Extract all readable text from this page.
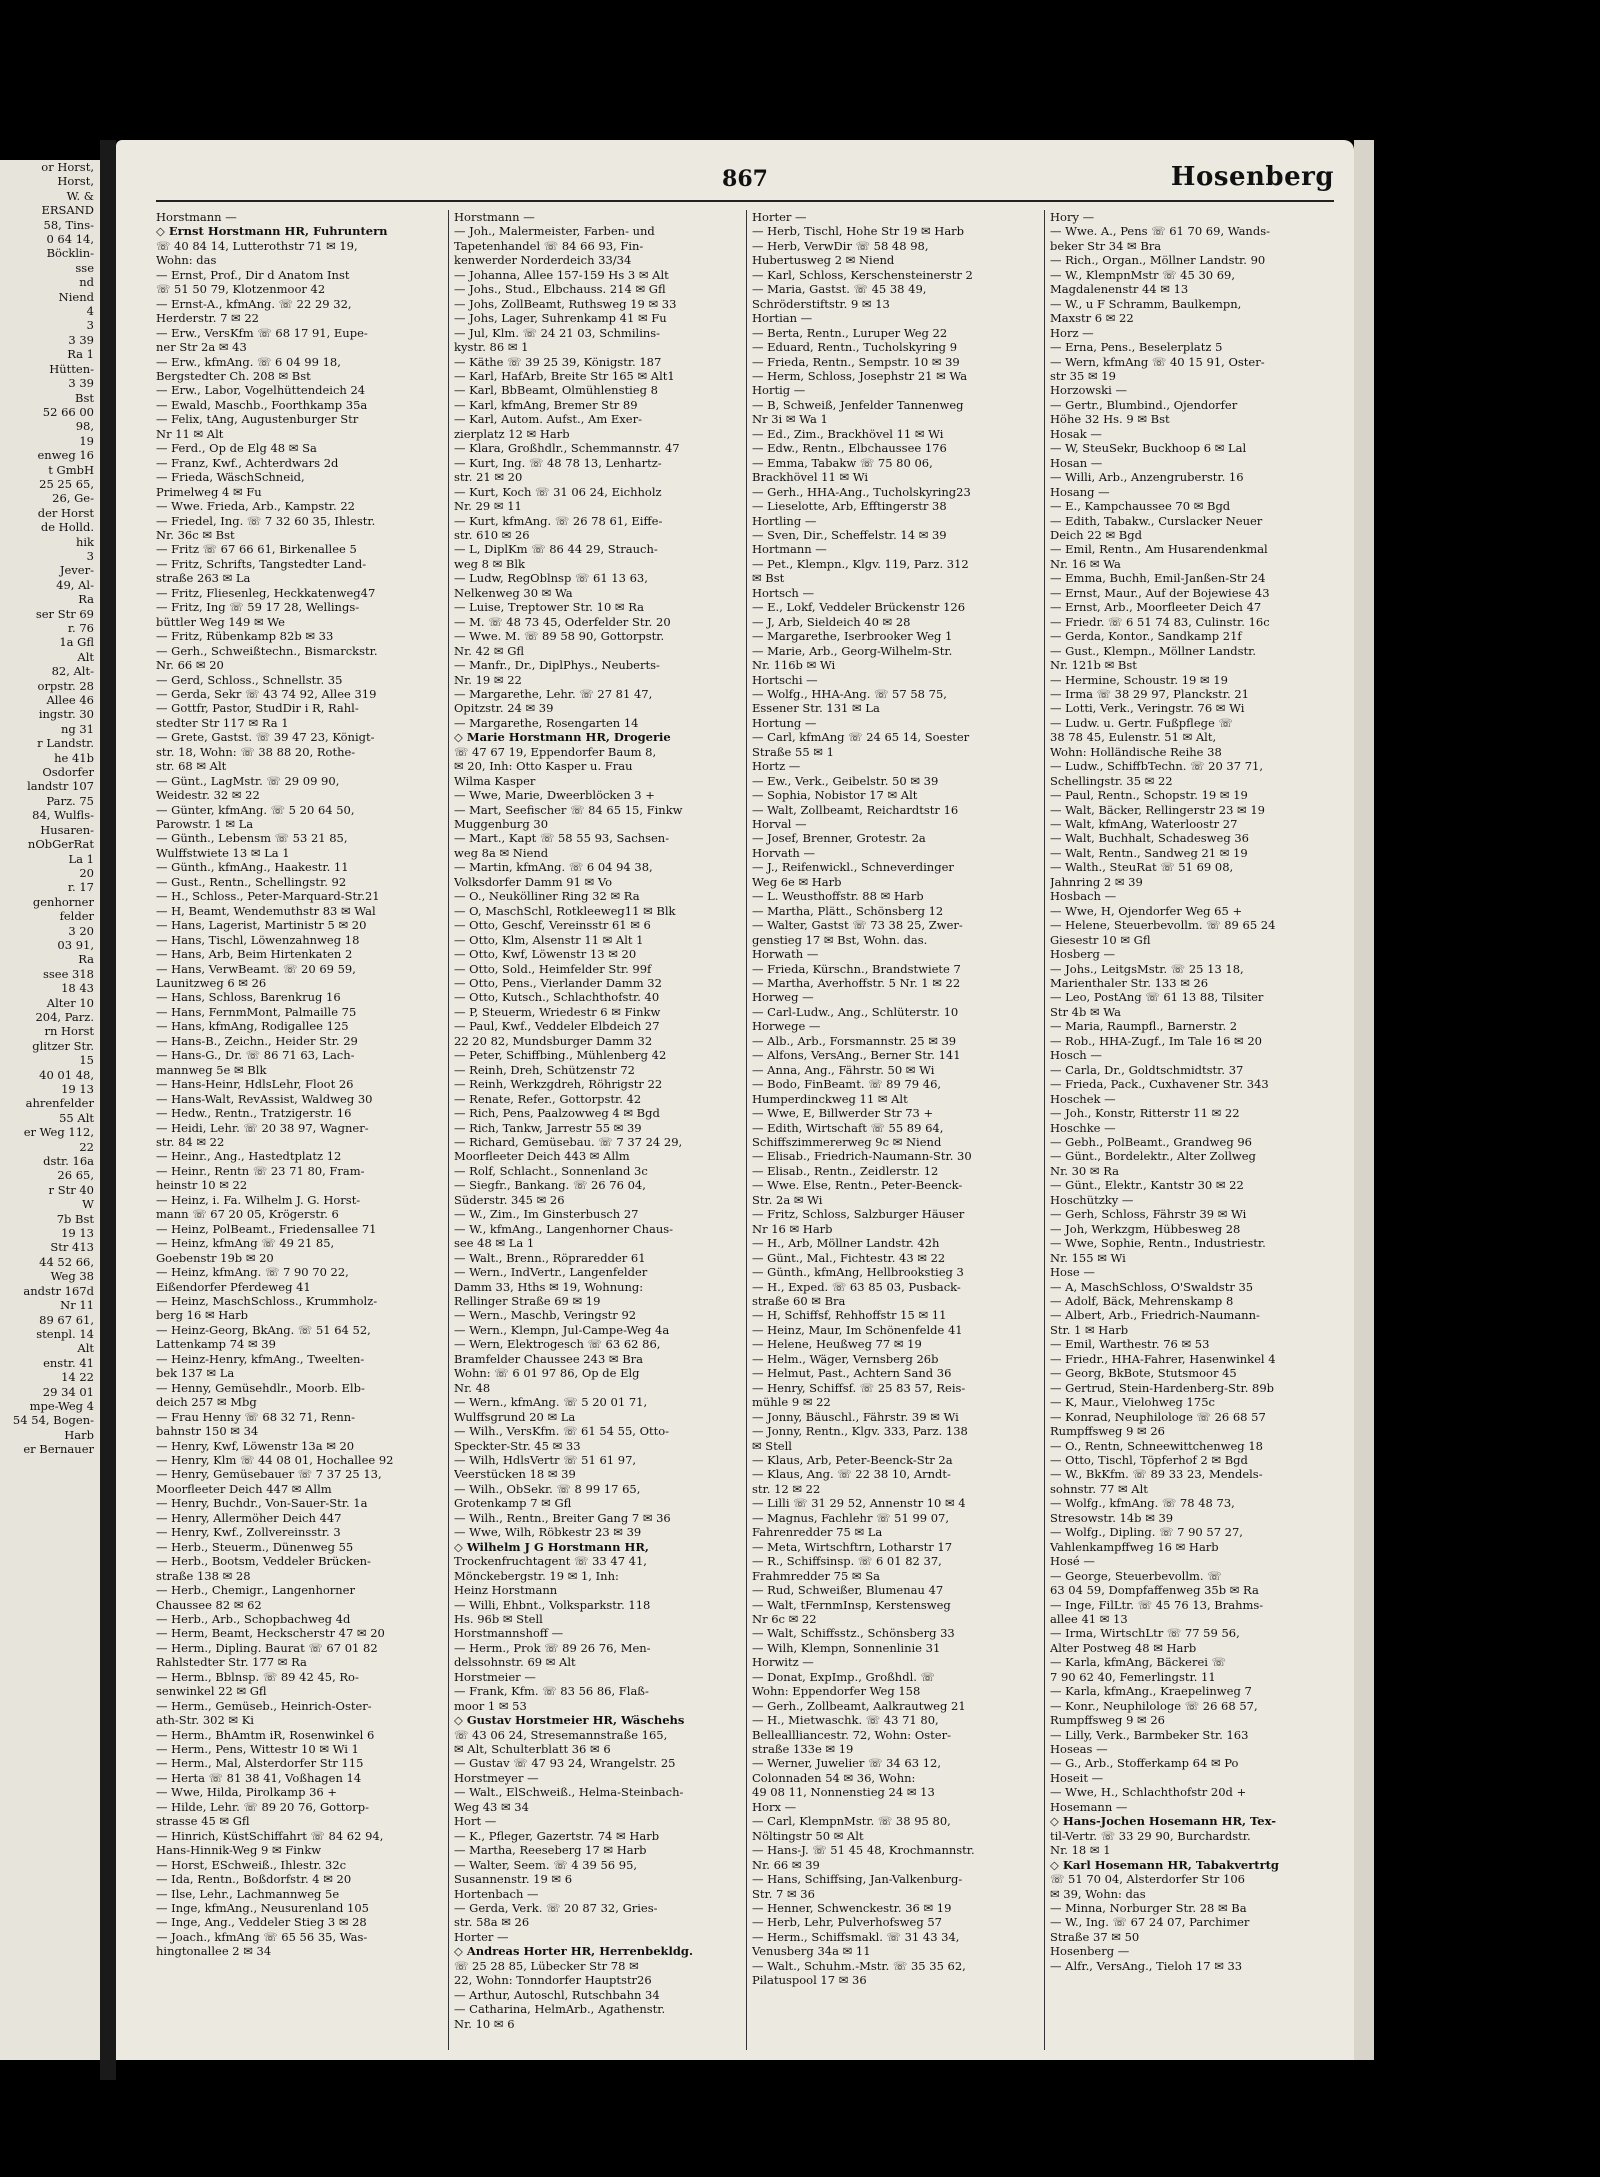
or Horst,
Horst,
W. &
ERSAND
58, Tins-
0 64 14,
Böcklin-
sse
nd
Niend
4
3
3 39
Ra 1
Hütten-
3 39
Bst
52 66 00
98,
19
enweg 16
t GmbH
25 25 65,
26, Ge-
der Horst
de Holld.
hik
3
Jever-
49, Al-
Ra
ser Str 69
r. 76
1a Gfl
Alt
82, Alt-
orpstr. 28
Allee 46
ingstr. 30
ng 31
r Landstr.
he 41b
Osdorfer
landstr 107
Parz. 75
84, Wulfls-
Husaren-
nObGerRat
La 1
20
r. 17
genhorner
felder
3 20
03 91,
Ra
ssee 318
18 43
Alter 10
204, Parz.
rn Horst
glitzer Str.
15
40 01 48,
19 13
ahrenfelder
55 Alt
er Weg 112,
22
dstr. 16a
26 65,
r Str 40
W
7b Bst
19 13
Str 413
44 52 66,
Weg 38
andstr 167d
Nr 11
89 67 61,
stenpl. 14
Alt
enstr. 41
14 22
29 34 01
mpe-Weg 4
54 54, Bogen-
Harb
er Bernauer
867	Hosenberg
Horstmann —
◇ Ernst Horstmann HR, Fuhruntern
☏ 40 84 14, Lutterothstr 71 ✉ 19,
Wohn: das
— Ernst, Prof., Dir d Anatom Inst
☏ 51 50 79, Klotzenmoor 42
— Ernst-A., kfmAng. ☏ 22 29 32,
Herderstr. 7 ✉ 22
— Erw., VersKfm ☏ 68 17 91, Eupe-
ner Str 2a ✉ 43
— Erw., kfmAng. ☏ 6 04 99 18,
Bergstedter Ch. 208 ✉ Bst
— Erw., Labor, Vogelhüttendeich 24
— Ewald, Maschb., Foorthkamp 35a
— Felix, tAng, Augustenburger Str
Nr 11 ✉ Alt
— Ferd., Op de Elg 48 ✉ Sa
— Franz, Kwf., Achterdwars 2d
— Frieda, WäschSchneid,
Primelweg 4 ✉ Fu
— Wwe. Frieda, Arb., Kampstr. 22
— Friedel, Ing. ☏ 7 32 60 35, Ihlestr.
Nr. 36c ✉ Bst
— Fritz ☏ 67 66 61, Birkenallee 5
— Fritz, Schrifts, Tangstedter Land-
straße 263 ✉ La
— Fritz, Fliesenleg, Heckkatenweg47
— Fritz, Ing ☏ 59 17 28, Wellings-
büttler Weg 149 ✉ We
— Fritz, Rübenkamp 82b ✉ 33
— Gerh., Schweißtechn., Bismarckstr.
Nr. 66 ✉ 20
— Gerd, Schloss., Schnellstr. 35
— Gerda, Sekr ☏ 43 74 92, Allee 319
— Gottfr, Pastor, StudDir i R, Rahl-
stedter Str 117 ✉ Ra 1
— Grete, Gastst. ☏ 39 47 23, Königt-
str. 18, Wohn: ☏ 38 88 20, Rothe-
str. 68 ✉ Alt
— Günt., LagMstr. ☏ 29 09 90,
Weidestr. 32 ✉ 22
— Günter, kfmAng. ☏ 5 20 64 50,
Parowstr. 1 ✉ La
— Günth., Lebensm ☏ 53 21 85,
Wulffstwiete 13 ✉ La 1
— Günth., kfmAng., Haakestr. 11
— Gust., Rentn., Schellingstr. 92
— H., Schloss., Peter-Marquard-Str.21
— H, Beamt, Wendemuthstr 83 ✉ Wal
— Hans, Lagerist, Martinistr 5 ✉ 20
— Hans, Tischl, Löwenzahnweg 18
— Hans, Arb, Beim Hirtenkaten 2
— Hans, VerwBeamt. ☏ 20 69 59,
Launitzweg 6 ✉ 26
— Hans, Schloss, Barenkrug 16
— Hans, FernmMont, Palmaille 75
— Hans, kfmAng, Rodigallee 125
— Hans-B., Zeichn., Heider Str. 29
— Hans-G., Dr. ☏ 86 71 63, Lach-
mannweg 5e ✉ Blk
— Hans-Heinr, HdlsLehr, Floot 26
— Hans-Walt, RevAssist, Waldweg 30
— Hedw., Rentn., Tratzigerstr. 16
— Heidi, Lehr. ☏ 20 38 97, Wagner-
str. 84 ✉ 22
— Heinr., Ang., Hastedtplatz 12
— Heinr., Rentn ☏ 23 71 80, Fram-
heinstr 10 ✉ 22
— Heinz, i. Fa. Wilhelm J. G. Horst-
mann ☏ 67 20 05, Krögerstr. 6
— Heinz, PolBeamt., Friedensallee 71
— Heinz, kfmAng ☏ 49 21 85,
Goebenstr 19b ✉ 20
— Heinz, kfmAng. ☏ 7 90 70 22,
Eißendorfer Pferdeweg 41
— Heinz, MaschSchloss., Krummholz-
berg 16 ✉ Harb
— Heinz-Georg, BkAng. ☏ 51 64 52,
Lattenkamp 74 ✉ 39
— Heinz-Henry, kfmAng., Tweelten-
bek 137 ✉ La
— Henny, Gemüsehdlr., Moorb. Elb-
deich 257 ✉ Mbg
— Frau Henny ☏ 68 32 71, Renn-
bahnstr 150 ✉ 34
— Henry, Kwf, Löwenstr 13a ✉ 20
— Henry, Klm ☏ 44 08 01, Hochallee 92
— Henry, Gemüsebauer ☏ 7 37 25 13,
Moorfleeter Deich 447 ✉ Allm
— Henry, Buchdr., Von-Sauer-Str. 1a
— Henry, Allermöher Deich 447
— Henry, Kwf., Zollvereinsstr. 3
— Herb., Steuerm., Dünenweg 55
— Herb., Bootsm, Veddeler Brücken-
straße 138 ✉ 28
— Herb., Chemigr., Langenhorner
Chaussee 82 ✉ 62
— Herb., Arb., Schopbachweg 4d
— Herm, Beamt, Heckscherstr 47 ✉ 20
— Herm., Dipling. Baurat ☏ 67 01 82
Rahlstedter Str. 177 ✉ Ra
— Herm., Bblnsp. ☏ 89 42 45, Ro-
senwinkel 22 ✉ Gfl
— Herm., Gemüseb., Heinrich-Oster-
ath-Str. 302 ✉ Ki
— Herm., BhAmtm iR, Rosenwinkel 6
— Herm., Pens, Wittestr 10 ✉ Wi 1
— Herm., Mal, Alsterdorfer Str 115
— Herta ☏ 81 38 41, Voßhagen 14
— Wwe, Hilda, Pirolkamp 36 +
— Hilde, Lehr. ☏ 89 20 76, Gottorp-
strasse 45 ✉ Gfl
— Hinrich, KüstSchiffahrt ☏ 84 62 94,
Hans-Hinnik-Weg 9 ✉ Finkw
— Horst, ESchweiß., Ihlestr. 32c
— Ida, Rentn., Boßdorfstr. 4 ✉ 20
— Ilse, Lehr., Lachmannweg 5e
— Inge, kfmAng., Neusurenland 105
— Inge, Ang., Veddeler Stieg 3 ✉ 28
— Joach., kfmAng ☏ 65 56 35, Was-
hingtonallee 2 ✉ 34
Horstmann —
— Joh., Malermeister, Farben- und
Tapetenhandel ☏ 84 66 93, Fin-
kenwerder Norderdeich 33/34
— Johanna, Allee 157-159 Hs 3 ✉ Alt
— Johs., Stud., Elbchauss. 214 ✉ Gfl
— Johs, ZollBeamt, Ruthsweg 19 ✉ 33
— Johs, Lager, Suhrenkamp 41 ✉ Fu
— Jul, Klm. ☏ 24 21 03, Schmilins-
kystr. 86 ✉ 1
— Käthe ☏ 39 25 39, Königstr. 187
— Karl, HafArb, Breite Str 165 ✉ Alt1
— Karl, BbBeamt, Olmühlenstieg 8
— Karl, kfmAng, Bremer Str 89
— Karl, Autom. Aufst., Am Exer-
zierplatz 12 ✉ Harb
— Klara, Großhdlr., Schemmannstr. 47
— Kurt, Ing. ☏ 48 78 13, Lenhartz-
str. 21 ✉ 20
— Kurt, Koch ☏ 31 06 24, Eichholz
Nr. 29 ✉ 11
— Kurt, kfmAng. ☏ 26 78 61, Eiffe-
str. 610 ✉ 26
— L, DiplKm ☏ 86 44 29, Strauch-
weg 8 ✉ Blk
— Ludw, RegOblnsp ☏ 61 13 63,
Nelkenweg 30 ✉ Wa
— Luise, Treptower Str. 10 ✉ Ra
— M. ☏ 48 73 45, Oderfelder Str. 20
— Wwe. M. ☏ 89 58 90, Gottorpstr.
Nr. 42 ✉ Gfl
— Manfr., Dr., DiplPhys., Neuberts-
Nr. 19 ✉ 22
— Margarethe, Lehr. ☏ 27 81 47,
Opitzstr. 24 ✉ 39
— Margarethe, Rosengarten 14
◇ Marie Horstmann HR, Drogerie
☏ 47 67 19, Eppendorfer Baum 8,
✉ 20, Inh: Otto Kasper u. Frau
Wilma Kasper
— Wwe, Marie, Dweerblöcken 3 +
— Mart, Seefischer ☏ 84 65 15, Finkw
Muggenburg 30
— Mart., Kapt ☏ 58 55 93, Sachsen-
weg 8a ✉ Niend
— Martin, kfmAng. ☏ 6 04 94 38,
Volksdorfer Damm 91 ✉ Vo
— O., Neukölliner Ring 32 ✉ Ra
— O, MaschSchl, Rotkleeweg11 ✉ Blk
— Otto, Geschf, Vereinsstr 61 ✉ 6
— Otto, Klm, Alsenstr 11 ✉ Alt 1
— Otto, Kwf, Löwenstr 13 ✉ 20
— Otto, Sold., Heimfelder Str. 99f
— Otto, Pens., Vierlander Damm 32
— Otto, Kutsch., Schlachthofstr. 40
— P, Steuerm, Wriedestr 6 ✉ Finkw
— Paul, Kwf., Veddeler Elbdeich 27
22 20 82, Mundsburger Damm 32
— Peter, Schiffbing., Mühlenberg 42
— Reinh, Dreh, Schützenstr 72
— Reinh, Werkzgdreh, Röhrigstr 22
— Renate, Refer., Gottorpstr. 42
— Rich, Pens, Paalzowweg 4 ✉ Bgd
— Rich, Tankw, Jarrestr 55 ✉ 39
— Richard, Gemüsebau. ☏ 7 37 24 29,
Moorfleeter Deich 443 ✉ Allm
— Rolf, Schlacht., Sonnenland 3c
— Siegfr., Bankang. ☏ 26 76 04,
Süderstr. 345 ✉ 26
— W., Zim., Im Ginsterbusch 27
— W., kfmAng., Langenhorner Chaus-
see 48 ✉ La 1
— Walt., Brenn., Röpraredder 61
— Wern., IndVertr., Langenfelder
Damm 33, Hths ✉ 19, Wohnung:
Rellinger Straße 69 ✉ 19
— Wern., Maschb, Veringstr 92
— Wern., Klempn, Jul-Campe-Weg 4a
— Wern, Elektrogesch ☏ 63 62 86,
Bramfelder Chaussee 243 ✉ Bra
Wohn: ☏ 6 01 97 86, Op de Elg
Nr. 48
— Wern., kfmAng. ☏ 5 20 01 71,
Wulffsgrund 20 ✉ La
— Wilh., VersKfm. ☏ 61 54 55, Otto-
Speckter-Str. 45 ✉ 33
— Wilh, HdlsVertr ☏ 51 61 97,
Veerstücken 18 ✉ 39
— Wilh., ObSekr. ☏ 8 99 17 65,
Grotenkamp 7 ✉ Gfl
— Wilh., Rentn., Breiter Gang 7 ✉ 36
— Wwe, Wilh, Röbkestr 23 ✉ 39
◇ Wilhelm J G Horstmann HR,
Trockenfruchtagent ☏ 33 47 41,
Mönckebergstr. 19 ✉ 1, Inh:
Heinz Horstmann
— Willi, Ehbnt., Volksparkstr. 118
Hs. 96b ✉ Stell
Horstmannshoff —
— Herm., Prok ☏ 89 26 76, Men-
delssohnstr. 69 ✉ Alt
Horstmeier —
— Frank, Kfm. ☏ 83 56 86, Flaß-
moor 1 ✉ 53
◇ Gustav Horstmeier HR, Wäschehs
☏ 43 06 24, Stresemannstraße 165,
✉ Alt, Schulterblatt 36 ✉ 6
— Gustav ☏ 47 93 24, Wrangelstr. 25
Horstmeyer —
— Walt., ElSchweiß., Helma-Steinbach-
Weg 43 ✉ 34
Hort —
— K., Pfleger, Gazertstr. 74 ✉ Harb
— Martha, Reeseberg 17 ✉ Harb
— Walter, Seem. ☏ 4 39 56 95,
Susannenstr. 19 ✉ 6
Hortenbach —
— Gerda, Verk. ☏ 20 87 32, Gries-
str. 58a ✉ 26
Horter —
◇ Andreas Horter HR, Herrenbekldg.
☏ 25 28 85, Lübecker Str 78 ✉
22, Wohn: Tonndorfer Hauptstr26
— Arthur, Autoschl, Rutschbahn 34
— Catharina, HelmArb., Agathenstr.
Nr. 10 ✉ 6
Horter —
— Herb, Tischl, Hohe Str 19 ✉ Harb
— Herb, VerwDir ☏ 58 48 98,
Hubertusweg 2 ✉ Niend
— Karl, Schloss, Kerschensteinerstr 2
— Maria, Gastst. ☏ 45 38 49,
Schröderstiftstr. 9 ✉ 13
Hortian —
— Berta, Rentn., Luruper Weg 22
— Eduard, Rentn., Tucholskyring 9
— Frieda, Rentn., Sempstr. 10 ✉ 39
— Herm, Schloss, Josephstr 21 ✉ Wa
Hortig —
— B, Schweiß, Jenfelder Tannenweg
Nr 3i ✉ Wa 1
— Ed., Zim., Brackhövel 11 ✉ Wi
— Edw., Rentn., Elbchaussee 176
— Emma, Tabakw ☏ 75 80 06,
Brackhövel 11 ✉ Wi
— Gerh., HHA-Ang., Tucholskyring23
— Lieselotte, Arb, Efftingerstr 38
Hortling —
— Sven, Dir., Scheffelstr. 14 ✉ 39
Hortmann —
— Pet., Klempn., Klgv. 119, Parz. 312
✉ Bst
Hortsch —
— E., Lokf, Veddeler Brückenstr 126
— J, Arb, Sieldeich 40 ✉ 28
— Margarethe, Iserbrooker Weg 1
— Marie, Arb., Georg-Wilhelm-Str.
Nr. 116b ✉ Wi
Hortschi —
— Wolfg., HHA-Ang. ☏ 57 58 75,
Essener Str. 131 ✉ La
Hortung —
— Carl, kfmAng ☏ 24 65 14, Soester
Straße 55 ✉ 1
Hortz —
— Ew., Verk., Geibelstr. 50 ✉ 39
— Sophia, Nobistor 17 ✉ Alt
— Walt, Zollbeamt, Reichardtstr 16
Horval —
— Josef, Brenner, Grotestr. 2a
Horvath —
— J., Reifenwickl., Schneverdinger
Weg 6e ✉ Harb
— L. Weusthoffstr. 88 ✉ Harb
— Martha, Plätt., Schönsberg 12
— Walter, Gastst ☏ 73 38 25, Zwer-
genstieg 17 ✉ Bst, Wohn. das.
Horwath —
— Frieda, Kürschn., Brandstwiete 7
— Martha, Averhoffstr. 5 Nr. 1 ✉ 22
Horweg —
— Carl-Ludw., Ang., Schlüterstr. 10
Horwege —
— Alb., Arb., Forsmannstr. 25 ✉ 39
— Alfons, VersAng., Berner Str. 141
— Anna, Ang., Fährstr. 50 ✉ Wi
— Bodo, FinBeamt. ☏ 89 79 46,
Humperdinckweg 11 ✉ Alt
— Wwe, E, Billwerder Str 73 +
— Edith, Wirtschaft ☏ 55 89 64,
Schiffszimmererweg 9c ✉ Niend
— Elisab., Friedrich-Naumann-Str. 30
— Elisab., Rentn., Zeidlerstr. 12
— Wwe. Else, Rentn., Peter-Beenck-
Str. 2a ✉ Wi
— Fritz, Schloss, Salzburger Häuser
Nr 16 ✉ Harb
— H., Arb, Möllner Landstr. 42h
— Günt., Mal., Fichtestr. 43 ✉ 22
— Günth., kfmAng, Hellbrookstieg 3
— H., Exped. ☏ 63 85 03, Pusback-
straße 60 ✉ Bra
— H, Schiffsf, Rehhoffstr 15 ✉ 11
— Heinz, Maur, Im Schönenfelde 41
— Helene, Heußweg 77 ✉ 19
— Helm., Wäger, Vernsberg 26b
— Helmut, Past., Achtern Sand 36
— Henry, Schiffsf. ☏ 25 83 57, Reis-
mühle 9 ✉ 22
— Jonny, Bäuschl., Fährstr. 39 ✉ Wi
— Jonny, Rentn., Klgv. 333, Parz. 138
✉ Stell
— Klaus, Arb, Peter-Beenck-Str 2a
— Klaus, Ang. ☏ 22 38 10, Arndt-
str. 12 ✉ 22
— Lilli ☏ 31 29 52, Annenstr 10 ✉ 4
— Magnus, Fachlehr ☏ 51 99 07,
Fahrenredder 75 ✉ La
— Meta, Wirtschftrn, Lotharstr 17
— R., Schiffsinsp. ☏ 6 01 82 37,
Frahmredder 75 ✉ Sa
— Rud, Schweißer, Blumenau 47
— Walt, tFernmInsp, Kerstensweg
Nr 6c ✉ 22
— Walt, Schiffsstz., Schönsberg 33
— Wilh, Klempn, Sonnenlinie 31
Horwitz —
— Donat, ExpImp., Großhdl. ☏
Wohn: Eppendorfer Weg 158
— Gerh., Zollbeamt, Aalkrautweg 21
— H., Mietwaschk. ☏ 43 71 80,
Belleallliancestr. 72, Wohn: Oster-
straße 133e ✉ 19
— Werner, Juwelier ☏ 34 63 12,
Colonnaden 54 ✉ 36, Wohn:
49 08 11, Nonnenstieg 24 ✉ 13
Horx —
— Carl, KlempnMstr. ☏ 38 95 80,
Nöltingstr 50 ✉ Alt
— Hans-J. ☏ 51 45 48, Krochmannstr.
Nr. 66 ✉ 39
— Hans, Schiffsing, Jan-Valkenburg-
Str. 7 ✉ 36
— Henner, Schwenckestr. 36 ✉ 19
— Herb, Lehr, Pulverhofsweg 57
— Herm., Schiffsmakl. ☏ 31 43 34,
Venusberg 34a ✉ 11
— Walt., Schuhm.-Mstr. ☏ 35 35 62,
Pilatuspool 17 ✉ 36
Hory —
— Wwe. A., Pens ☏ 61 70 69, Wands-
beker Str 34 ✉ Bra
— Rich., Organ., Möllner Landstr. 90
— W., KlempnMstr ☏ 45 30 69,
Magdalenenstr 44 ✉ 13
— W., u F Schramm, Baulkempn,
Maxstr 6 ✉ 22
Horz —
— Erna, Pens., Beselerplatz 5
— Wern, kfmAng ☏ 40 15 91, Oster-
str 35 ✉ 19
Horzowski —
— Gertr., Blumbind., Ojendorfer
Höhe 32 Hs. 9 ✉ Bst
Hosak —
— W, SteuSekr, Buckhoop 6 ✉ Lal
Hosan —
— Willi, Arb., Anzengruberstr. 16
Hosang —
— E., Kampchaussee 70 ✉ Bgd
— Edith, Tabakw., Curslacker Neuer
Deich 22 ✉ Bgd
— Emil, Rentn., Am Husarendenkmal
Nr. 16 ✉ Wa
— Emma, Buchh, Emil-Janßen-Str 24
— Ernst, Maur., Auf der Bojewiese 43
— Ernst, Arb., Moorfleeter Deich 47
— Friedr. ☏ 6 51 74 83, Culinstr. 16c
— Gerda, Kontor., Sandkamp 21f
— Gust., Klempn., Möllner Landstr.
Nr. 121b ✉ Bst
— Hermine, Schoustr. 19 ✉ 19
— Irma ☏ 38 29 97, Planckstr. 21
— Lotti, Verk., Veringstr. 76 ✉ Wi
— Ludw. u. Gertr. Fußpflege ☏
38 78 45, Eulenstr. 51 ✉ Alt,
Wohn: Holländische Reihe 38
— Ludw., SchiffbTechn. ☏ 20 37 71,
Schellingstr. 35 ✉ 22
— Paul, Rentn., Schopstr. 19 ✉ 19
— Walt, Bäcker, Rellingerstr 23 ✉ 19
— Walt, kfmAng, Waterloostr 27
— Walt, Buchhalt, Schadesweg 36
— Walt, Rentn., Sandweg 21 ✉ 19
— Walth., SteuRat ☏ 51 69 08,
Jahnring 2 ✉ 39
Hosbach —
— Wwe, H, Ojendorfer Weg 65 +
— Helene, Steuerbevollm. ☏ 89 65 24
Giesestr 10 ✉ Gfl
Hosberg —
— Johs., LeitgsMstr. ☏ 25 13 18,
Marienthaler Str. 133 ✉ 26
— Leo, PostAng ☏ 61 13 88, Tilsiter
Str 4b ✉ Wa
— Maria, Raumpfl., Barnerstr. 2
— Rob., HHA-Zugf., Im Tale 16 ✉ 20
Hosch —
— Carla, Dr., Goldtschmidtstr. 37
— Frieda, Pack., Cuxhavener Str. 343
Hoschek —
— Joh., Konstr, Ritterstr 11 ✉ 22
Hoschke —
— Gebh., PolBeamt., Grandweg 96
— Günt., Bordelektr., Alter Zollweg
Nr. 30 ✉ Ra
— Günt., Elektr., Kantstr 30 ✉ 22
Hoschützky —
— Gerh, Schloss, Fährstr 39 ✉ Wi
— Joh, Werkzgm, Hübbesweg 28
— Wwe, Sophie, Rentn., Industriestr.
Nr. 155 ✉ Wi
Hose —
— A, MaschSchloss, O'Swaldstr 35
— Adolf, Bäck, Mehrenskamp 8
— Albert, Arb., Friedrich-Naumann-
Str. 1 ✉ Harb
— Emil, Warthestr. 76 ✉ 53
— Friedr., HHA-Fahrer, Hasenwinkel 4
— Georg, BkBote, Stutsmoor 45
— Gertrud, Stein-Hardenberg-Str. 89b
— K, Maur., Vielohweg 175c
— Konrad, Neuphilologe ☏ 26 68 57
Rumpffsweg 9 ✉ 26
— O., Rentn, Schneewittchenweg 18
— Otto, Tischl, Töpferhof 2 ✉ Bgd
— W., BkKfm. ☏ 89 33 23, Mendels-
sohnstr. 77 ✉ Alt
— Wolfg., kfmAng. ☏ 78 48 73,
Stresowstr. 14b ✉ 39
— Wolfg., Dipling. ☏ 7 90 57 27,
Vahlenkampffweg 16 ✉ Harb
Hosé —
— George, Steuerbevollm. ☏
63 04 59, Dompfaffenweg 35b ✉ Ra
— Inge, FilLtr. ☏ 45 76 13, Brahms-
allee 41 ✉ 13
— Irma, WirtschLtr ☏ 77 59 56,
Alter Postweg 48 ✉ Harb
— Karla, kfmAng, Bäckerei ☏
7 90 62 40, Femerlingstr. 11
— Karla, kfmAng., Kraepelinweg 7
— Konr., Neuphilologe ☏ 26 68 57,
Rumpffsweg 9 ✉ 26
— Lilly, Verk., Barmbeker Str. 163
Hoseas —
— G., Arb., Stofferkamp 64 ✉ Po
Hoseit —
— Wwe, H., Schlachthofstr 20d +
Hosemann —
◇ Hans-Jochen Hosemann HR, Tex-
til-Vertr. ☏ 33 29 90, Burchardstr.
Nr. 18 ✉ 1
◇ Karl Hosemann HR, Tabakvertrtg
☏ 51 70 04, Alsterdorfer Str 106
✉ 39, Wohn: das
— Minna, Norburger Str. 28 ✉ Ba
— W., Ing. ☏ 67 24 07, Parchimer
Straße 37 ✉ 50
Hosenberg —
— Alfr., VersAng., Tieloh 17 ✉ 33
